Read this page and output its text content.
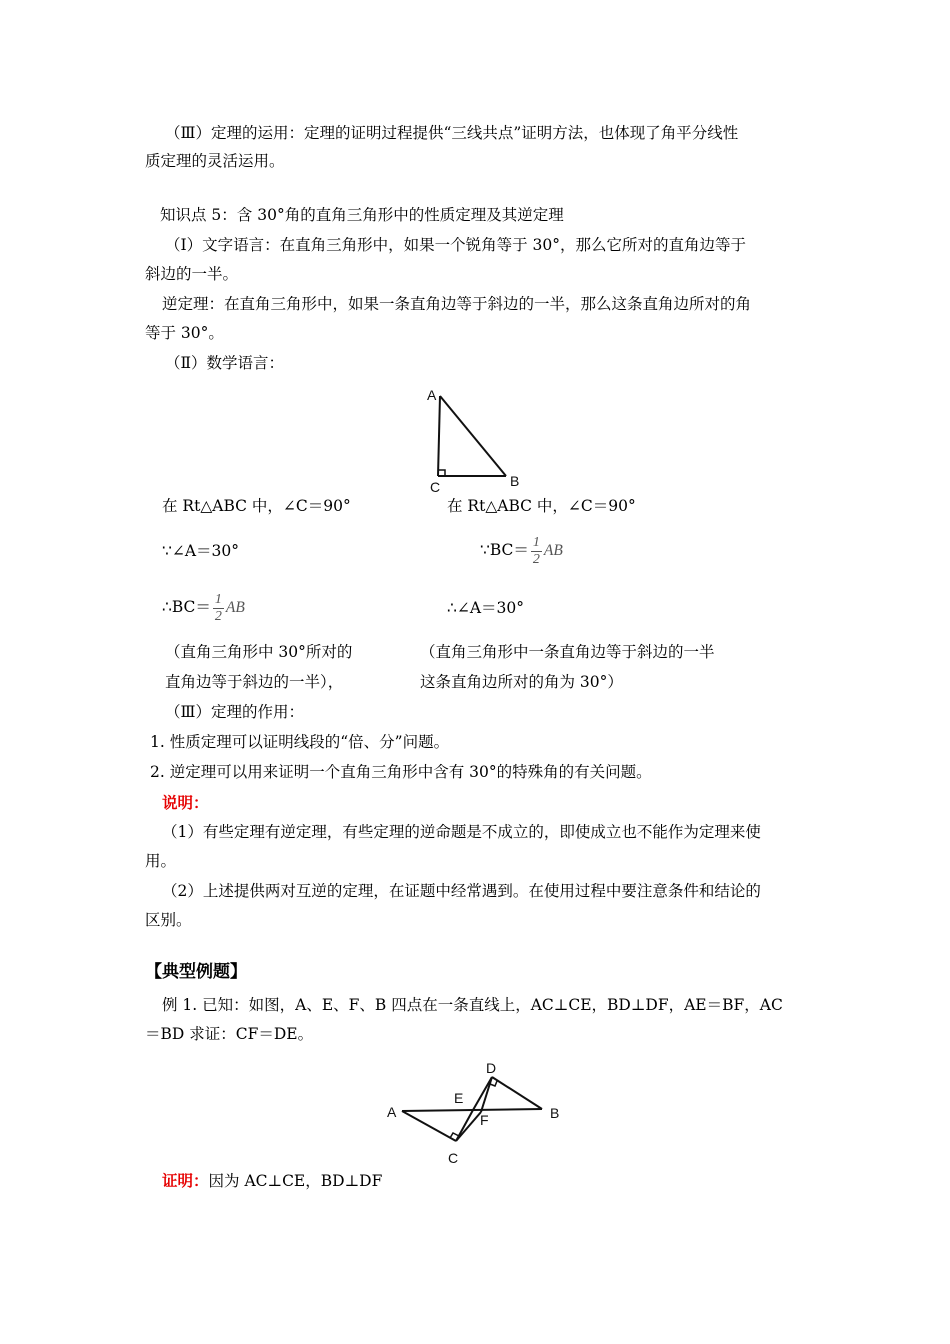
（Ⅲ）定理的运用：定理的证明过程提供“三线共点”证明方法，也体现了角平分线性
质定理的灵活运用。
知识点 5：含 30°角的直角三角形中的性质定理及其逆定理
（Ⅰ）文字语言：在直角三角形中，如果一个锐角等于 30°，那么它所对的直角边等于
斜边的一半。
逆定理：在直角三角形中，如果一条直角边等于斜边的一半，那么这条直角边所对的角
等于 30°。
（Ⅱ）数学语言：
A
B
C
在 Rt△ABC 中，∠C＝90°
∵∠A＝30°
∴BC＝ $\frac{1}{2}$ AB
（直角三角形中 30°所对的
直角边等于斜边的一半），
在 Rt△ABC 中，∠C＝90°
∵BC＝ $\frac{1}{2}$ AB
∴∠A＝30°
（直角三角形中一条直角边等于斜边的一半
这条直角边所对的角为 30°）
（Ⅲ）定理的作用：
1. 性质定理可以证明线段的“倍、分”问题。
2. 逆定理可以用来证明一个直角三角形中含有 30°的特殊角的有关问题。
说明：
（1）有些定理有逆定理，有些定理的逆命题是不成立的，即使成立也不能作为定理来使
用。
（2）上述提供两对互逆的定理，在证题中经常遇到。在使用过程中要注意条件和结论的
区别。
【典型例题】
例 1. 已知：如图，A、E、F、B 四点在一条直线上，AC⊥CE，BD⊥DF，AE＝BF，AC
＝BD 求证：CF＝DE。
A	B
C
D
E
F
证明：因为 AC⊥CE，BD⊥DF
